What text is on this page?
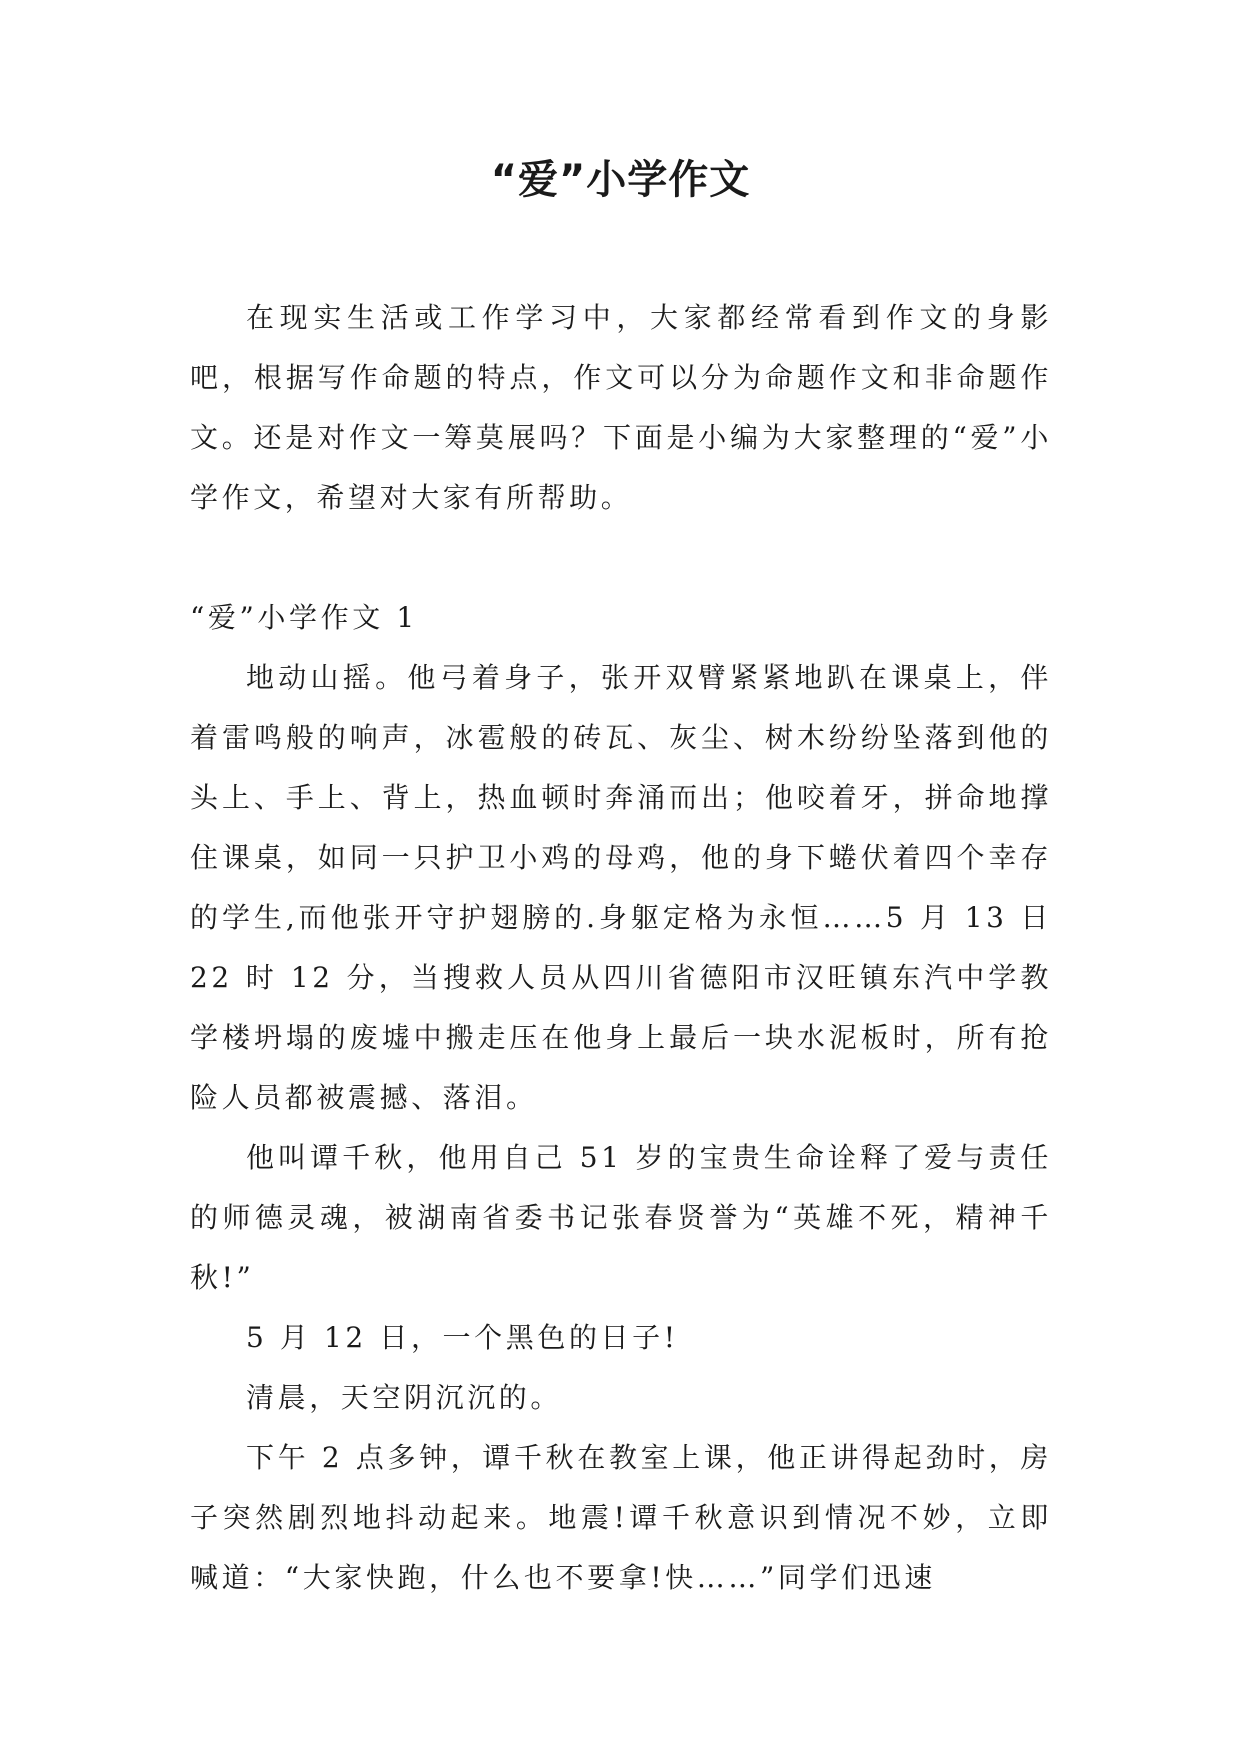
“爱”小学作文

在现实生活或工作学习中，大家都经常看到作文的身影吧，根据写作命题的特点，作文可以分为命题作文和非命题作文。还是对作文一筹莫展吗？下面是小编为大家整理的“爱”小学作文，希望对大家有所帮助。

“爱”小学作文 1

地动山摇。他弓着身子，张开双臂紧紧地趴在课桌上，伴着雷鸣般的响声，冰雹般的砖瓦、灰尘、树木纷纷坠落到他的头上、手上、背上，热血顿时奔涌而出；他咬着牙，拼命地撑住课桌，如同一只护卫小鸡的母鸡，他的身下蜷伏着四个幸存的学生,而他张开守护翅膀的.身躯定格为永恒……5 月 13 日 22 时 12 分，当搜救人员从四川省德阳市汉旺镇东汽中学教学楼坍塌的废墟中搬走压在他身上最后一块水泥板时，所有抢险人员都被震撼、落泪。

他叫谭千秋，他用自己 51 岁的宝贵生命诠释了爱与责任的师德灵魂，被湖南省委书记张春贤誉为“英雄不死，精神千秋!”

5 月 12 日，一个黑色的日子!

清晨，天空阴沉沉的。

下午 2 点多钟，谭千秋在教室上课，他正讲得起劲时，房子突然剧烈地抖动起来。地震!谭千秋意识到情况不妙，立即喊道：“大家快跑，什么也不要拿!快……”同学们迅速
